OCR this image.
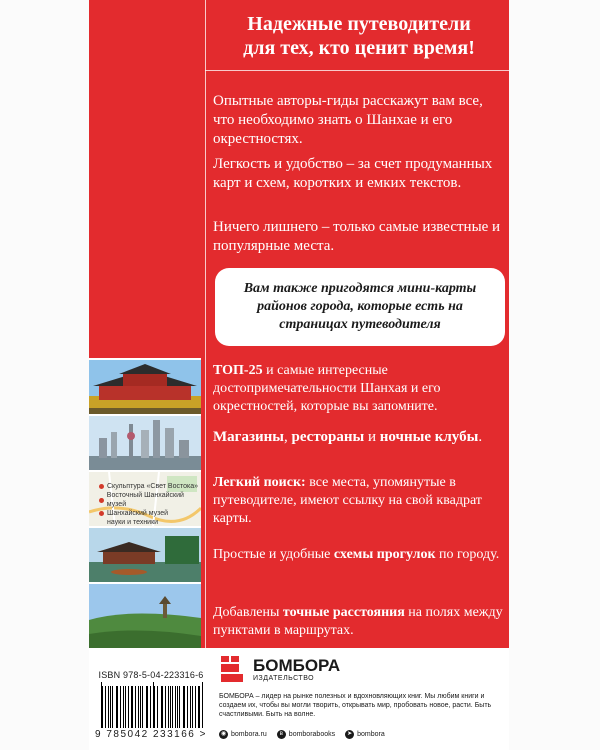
Надежные путеводители
для тех, кто ценит время!
Опытные авторы-гиды расскажут вам все, что необходимо знать о Шанхае и его окрестностях.
Легкость и удобство – за счет продуманных карт и схем, коротких и емких текстов.
Ничего лишнего – только самые известные и популярные места.
Вам также пригодятся мини-карты районов города, которые есть на страницах путеводителя
Скульптура «Свет Востока»
Восточный Шанхайский музей
Шанхайский музей
науки и техники
ТОП-25 и самые интересные достопримечательности Шанхая и его окрестностей, которые вы запомните.
Магазины, рестораны и ночные клубы.
Легкий поиск: все места, упомянутые в путеводителе, имеют ссылку на свой квадрат карты.
Простые и удобные схемы прогулок по городу.
Добавлены точные расстояния на полях между пунктами в маршрутах.
ISBN 978-5-04-223316-6
9 785042 233166 >
БОМБОРА
ИЗДАТЕЛЬСТВО
БОМБОРА – лидер на рынке полезных и вдохновляющих книг. Мы любим книги и создаем их, чтобы вы могли творить, открывать мир, пробовать новое, расти. Быть счастливыми. Быть на волне.
◉ bombora.ru	в bomborabooks	➤ bombora
